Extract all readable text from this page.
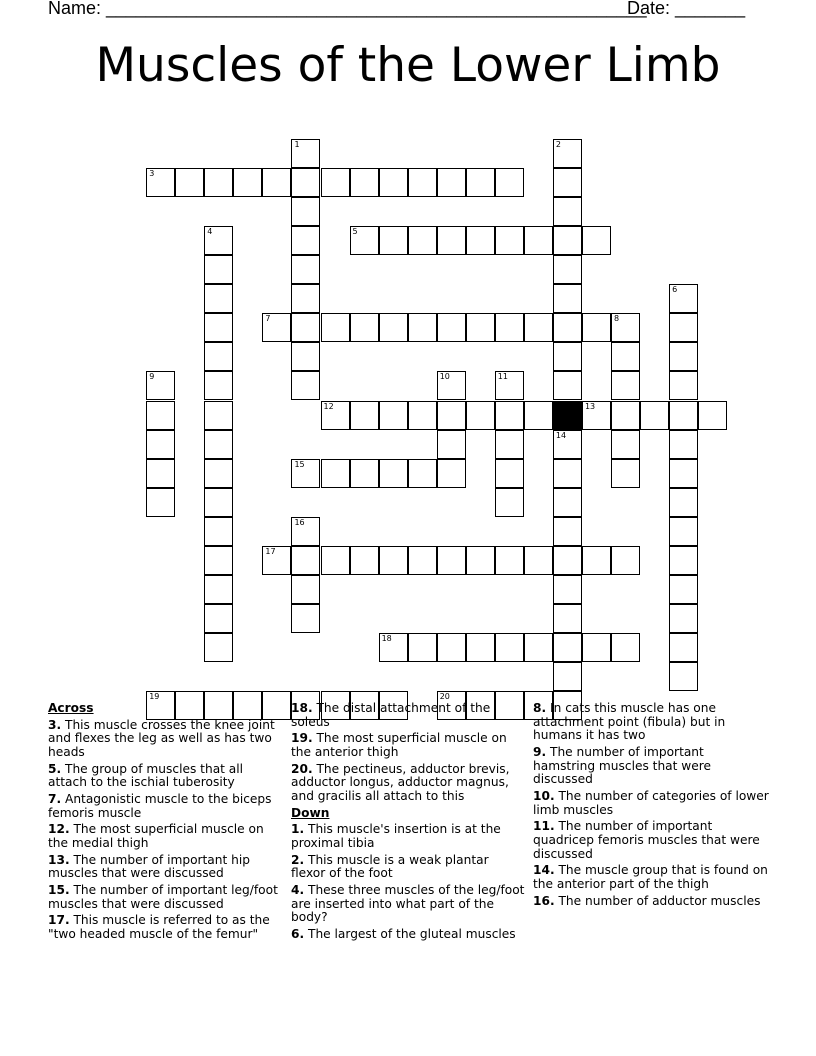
Name: ______________________________________________________
Date: _______
Muscles of the Lower Limb
1	2
3
4	5
6
7	8
9	10	11
12	13
14
15
16
17
18
19	20
Across
3. This muscle crosses the knee joint and flexes the leg as well as has two heads
5. The group of muscles that all attach to the ischial tuberosity
7. Antagonistic muscle to the biceps femoris muscle
12. The most superficial muscle on the medial thigh
13. The number of important hip muscles that were discussed
15. The number of important leg/foot muscles that were discussed
17. This muscle is referred to as the "two headed muscle of the femur"
18. The distal attachment of the soleus
19. The most superficial muscle on the anterior thigh
20. The pectineus, adductor brevis, adductor longus, adductor magnus, and gracilis all attach to this
Down
1. This muscle's insertion is at the proximal tibia
2. This muscle is a weak plantar flexor of the foot
4. These three muscles of the leg/foot are inserted into what part of the body?
6. The largest of the gluteal muscles
8. In cats this muscle has one attachment point (fibula) but in humans it has two
9. The number of important hamstring muscles that were discussed
10. The number of categories of lower limb muscles
11. The number of important quadricep femoris muscles that were discussed
14. The muscle group that is found on the anterior part of the thigh
16. The number of adductor muscles
